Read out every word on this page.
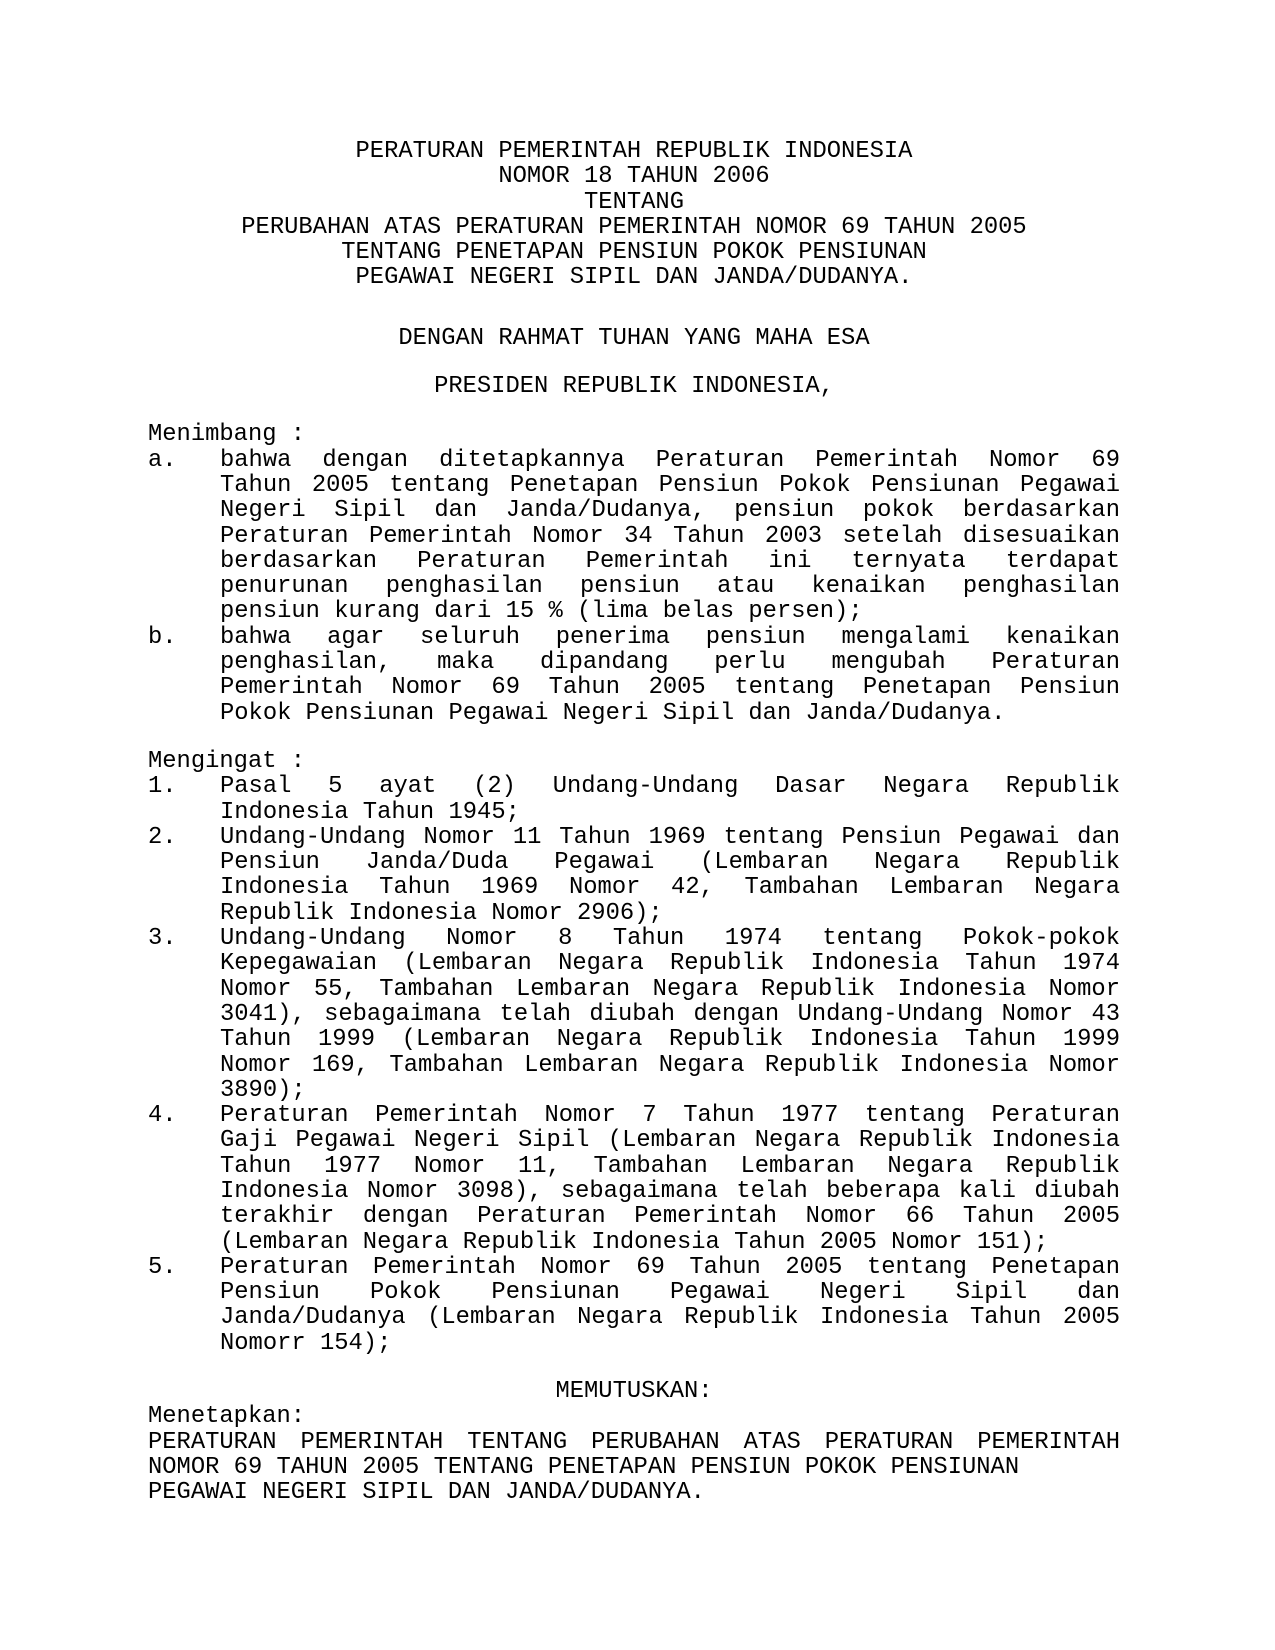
PERATURAN PEMERINTAH REPUBLIK INDONESIA
NOMOR 18 TAHUN 2006
TENTANG
PERUBAHAN ATAS PERATURAN PEMERINTAH NOMOR 69 TAHUN 2005
TENTANG PENETAPAN PENSIUN POKOK PENSIUNAN
PEGAWAI NEGERI SIPIL DAN JANDA/DUDANYA.
DENGAN RAHMAT TUHAN YANG MAHA ESA
PRESIDEN REPUBLIK INDONESIA,
Menimbang :
a.	bahwa dengan ditetapkannya Peraturan Pemerintah Nomor 69
Tahun 2005 tentang Penetapan Pensiun Pokok Pensiunan Pegawai
Negeri Sipil dan Janda/Dudanya, pensiun pokok berdasarkan
Peraturan Pemerintah Nomor 34 Tahun 2003 setelah disesuaikan
berdasarkan Peraturan Pemerintah ini ternyata terdapat
penurunan penghasilan pensiun atau kenaikan penghasilan
pensiun kurang dari 15 % (lima belas persen);
b.	bahwa agar seluruh penerima pensiun mengalami kenaikan
penghasilan, maka dipandang perlu mengubah Peraturan
Pemerintah Nomor 69 Tahun 2005 tentang Penetapan Pensiun
Pokok Pensiunan Pegawai Negeri Sipil dan Janda/Dudanya.
Mengingat :
1.	Pasal 5 ayat (2) Undang-Undang Dasar Negara Republik
Indonesia Tahun 1945;
2.	Undang-Undang Nomor 11 Tahun 1969 tentang Pensiun Pegawai dan
Pensiun Janda/Duda Pegawai (Lembaran Negara Republik
Indonesia Tahun 1969 Nomor 42, Tambahan Lembaran Negara
Republik Indonesia Nomor 2906);
3.	Undang-Undang Nomor 8 Tahun 1974 tentang Pokok-pokok
Kepegawaian (Lembaran Negara Republik Indonesia Tahun 1974
Nomor 55, Tambahan Lembaran Negara Republik Indonesia Nomor
3041), sebagaimana telah diubah dengan Undang-Undang Nomor 43
Tahun 1999 (Lembaran Negara Republik Indonesia Tahun 1999
Nomor 169, Tambahan Lembaran Negara Republik Indonesia Nomor
3890);
4.	Peraturan Pemerintah Nomor 7 Tahun 1977 tentang Peraturan
Gaji Pegawai Negeri Sipil (Lembaran Negara Republik Indonesia
Tahun 1977 Nomor 11, Tambahan Lembaran Negara Republik
Indonesia Nomor 3098), sebagaimana telah beberapa kali diubah
terakhir dengan Peraturan Pemerintah Nomor 66 Tahun 2005
(Lembaran Negara Republik Indonesia Tahun 2005 Nomor 151);
5.	Peraturan Pemerintah Nomor 69 Tahun 2005 tentang Penetapan
Pensiun Pokok Pensiunan Pegawai Negeri Sipil dan
Janda/Dudanya (Lembaran Negara Republik Indonesia Tahun 2005
Nomorr 154);
MEMUTUSKAN:
Menetapkan:
PERATURAN PEMERINTAH TENTANG PERUBAHAN ATAS PERATURAN PEMERINTAH
NOMOR 69 TAHUN 2005 TENTANG PENETAPAN PENSIUN POKOK PENSIUNAN
PEGAWAI NEGERI SIPIL DAN JANDA/DUDANYA.
